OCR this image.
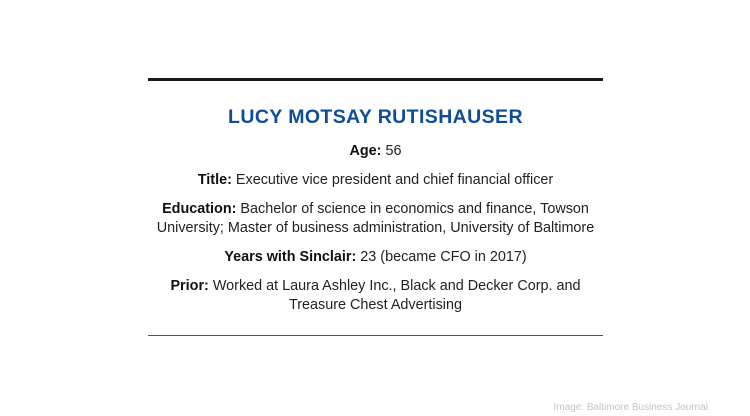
LUCY MOTSAY RUTISHAUSER
Age: 56
Title: Executive vice president and chief financial officer
Education: Bachelor of science in economics and finance, Towson
University; Master of business administration, University of Baltimore
Years with Sinclair: 23 (became CFO in 2017)
Prior: Worked at Laura Ashley Inc., Black and Decker Corp. and
Treasure Chest Advertising
Image: Baltimore Business Journal
